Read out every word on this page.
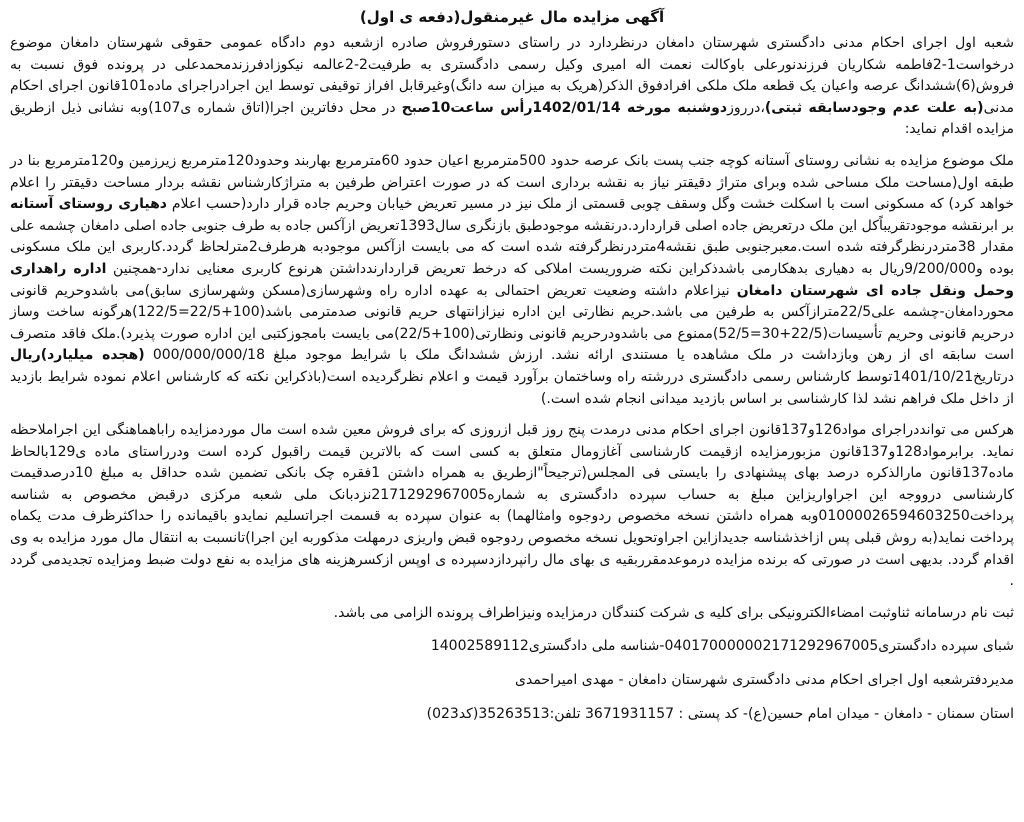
آگهی مزایده مال غیرمنقول(دفعه ی اول)
شعبه اول اجرای احکام مدنی دادگستری شهرستان دامغان درنظردارد در راستای دستورفروش صادره ازشعبه دوم دادگاه عمومی حقوقی شهرستان دامغان موضوع درخواست1-2فاطمه شکاریان فرزندنورعلی باوکالت نعمت اله امیری وکیل رسمی دادگستری به طرفیت2-2عالمه نیکوزادفرزندمحمدعلی در پرونده فوق نسبت به فروش(6)ششدانگ عرصه واعیان یک قطعه ملک ملکی افرادفوق الذکر(هریک به میزان سه دانگ)وغیرقابل افراز توقیفی توسط این اجرادراجرای ماده101قانون اجرای احکام مدنی(به علت عدم وجودسابقه ثبتی)،درروزدوشنبه مورخه 1402/01/14رأس ساعت10صبح در محل دفاترین اجرا(اتاق شماره ی107)وبه نشانی ذیل ازطریق مزایده اقدام نماید:
ملک موضوع مزایده به نشانی روستای آستانه کوچه جنب پست بانک عرصه حدود 500مترمربع اعیان حدود 60مترمربع بهاربند وحدود120مترمربع زیرزمین و120مترمربع بنا در طبقه اول(مساحت ملک مساحی شده وبرای متراژ دقیقتر نیاز به نقشه برداری است که در صورت اعتراض طرفین به متراژکارشناس نقشه بردار مساحت دقیقتر را اعلام خواهد کرد) که مسکونی است با اسکلت خشت وگل وسقف چوبی قسمتی از ملک نیز در مسیر تعریض خیابان وحریم جاده قرار دارد(حسب اعلام دهیاری روستای آستانه بر ابرنقشه موجودتقریباًکل این ملک درتعریض جاده اصلی قراردارد.درنقشه موجودطبق بازنگری سال1393تعریض ازآکس جاده به طرف جنوبی جاده اصلی دامغان چشمه علی مقدار 38متردرنظرگرفته شده است.معبرجنوبی طبق نقشه4متردرنظرگرفته شده است که می بایست ازآکس موجودبه هرطرف2مترلحاظ گردد.کاربری این ملک مسکونی بوده و9/200/000ریال به دهیاری بدهکارمی باشدذکراین نکته ضروریست املاکی که درخط تعریض قراردارندداشتن هرنوع کاربری معنایی ندارد-همچنین اداره راهداری وحمل ونقل جاده ای شهرستان دامغان نیزاعلام داشته وضعیت تعریض احتمالی به عهده اداره راه وشهرسازی(مسکن وشهرسازی سابق)می باشدوحریم قانونی محوردامغان-چشمه علی22/5مترازآکس به طرفین می باشد.حریم نظارتی این اداره نیزازانتهای حریم قانونی صدمترمی باشد(100+22/5=122/5)هرگونه ساخت وساز درحریم قانونی وحریم تأسیسات(22/5+30=52/5)ممنوع می باشدودرحریم قانونی ونظارتی(100+22/5)می بایست بامجوزکتبی این اداره صورت پذیرد).ملک فاقد متصرف است سابقه ای از رهن وبازداشت در ملک مشاهده یا مستندی ارائه نشد. ارزش ششدانگ ملک با شرایط موجود مبلغ 000/000/000/18 (هجده میلیارد)ریال درتاریخ1401/10/21توسط کارشناس رسمی دادگستری دررشته راه وساختمان برآورد قیمت و اعلام نظرگردیده است(باذکراین نکته که کارشناس اعلام نموده شرایط بازدید از داخل ملک فراهم نشد لذا کارشناسی بر اساس بازدید میدانی انجام شده است.)
هرکس می توانددراجرای مواد126و137قانون اجرای احکام مدنی درمدت پنج روز قبل ازروزی که برای فروش معین شده است مال موردمزایده راباهماهنگی این اجراملاحظه نماید. برابرمواد128و137قانون مزبورمزایده ازقیمت کارشناسی آغازومال متعلق به کسی است که بالاترین قیمت راقبول کرده است ودرراستای ماده ی129بالحاظ ماده137قانون مارالذکره درصد بهای پیشنهادی را بایستی فی المجلس(ترجیحاً"ازطریق به همراه داشتن 1فقره چک بانکی تضمین شده حداقل به مبلغ 10درصدقیمت کارشناسی درووجه این اجراواریزاین مبلغ به حساب سپرده دادگستری به شماره2171292967005نزدبانک ملی شعبه مرکزی درقبض مخصوص به شناسه پرداخت01000026594603250وبه همراه داشتن نسخه مخصوص ردوجوه وامثالهما) به عنوان سپرده به قسمت اجراتسلیم نمایدو باقیمانده را حداکثرظرف مدت یکماه پرداخت نماید(به روش قبلی پس ازاخذشناسه جدیدازاین اجراوتحویل نسخه مخصوص ردوجوه قبض واریزی درمهلت مذکوربه این اجرا)تانسبت به انتقال مال مورد مزایده به وی اقدام گردد. بدیهی است در صورتی که برنده مزایده درموعدمقرربقیه ی بهای مال رانپردازدسپرده ی اوپس ازکسرهزینه های مزایده به نفع دولت ضبط ومزایده تجدیدمی گردد .
ثبت نام درسامانه ثناوثبت امضاءالکترونیکی برای کلیه ی شرکت کنندگان درمزایده ونیزاطراف پرونده الزامی می باشد.
شبای سپرده دادگستری040170000002171292967005-شناسه ملی دادگستری14002589112
مدیردفترشعبه اول اجرای احکام مدنی دادگستری شهرستان دامغان - مهدی امیراحمدی
استان سمنان - دامغان - میدان امام حسین(ع)- کد پستی : 3671931157 تلفن:35263513(کد023)
